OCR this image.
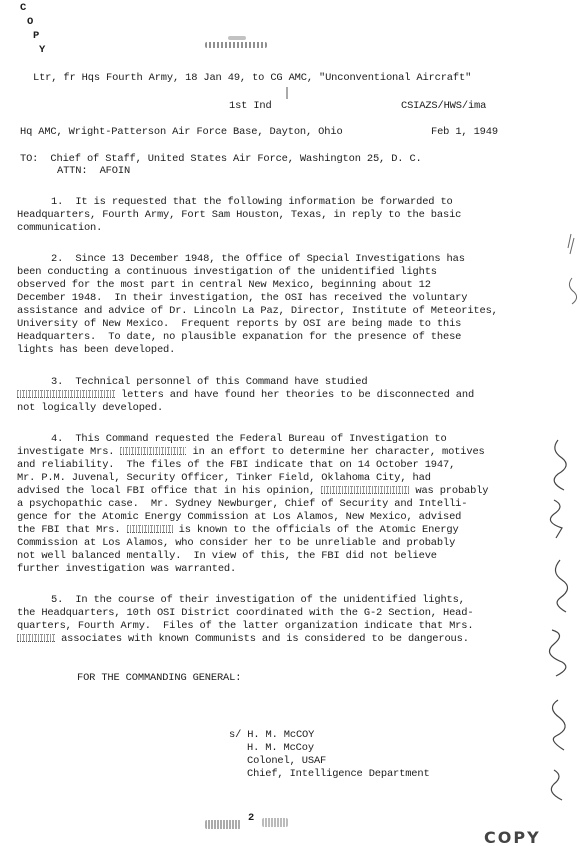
C
O
P
Y
Ltr, fr Hqs Fourth Army, 18 Jan 49, to CG AMC, "Unconventional Aircraft"
1st Ind	CSIAZS/HWS/ima
Hq AMC, Wright-Patterson Air Force Base, Dayton, Ohio	Feb 1, 1949
TO:  Chief of Staff, United States Air Force, Washington 25, D. C.
ATTN:  AFOIN
1.  It is requested that the following information be forwarded to
Headquarters, Fourth Army, Fort Sam Houston, Texas, in reply to the basic
communication.
2.  Since 13 December 1948, the Office of Special Investigations has
been conducting a continuous investigation of the unidentified lights
observed for the most part in central New Mexico, beginning about 12
December 1948.  In their investigation, the OSI has received the voluntary
assistance and advice of Dr. Lincoln La Paz, Director, Institute of Meteorites,
University of New Mexico.  Frequent reports by OSI are being made to this
Headquarters.  To date, no plausible expanation for the presence of these
lights has been developed.
3.  Technical personnel of this Command have studied
letters and have found her theories to be disconnected and
not logically developed.
4.  This Command requested the Federal Bureau of Investigation to
investigate Mrs.	in an effort to determine her character, motives
and reliability.  The files of the FBI indicate that on 14 October 1947,
Mr. P.M. Juvenal, Security Officer, Tinker Field, Oklahoma City, had
advised the local FBI office that in his opinion,	was probably
a psychopathic case.  Mr. Sydney Newburger, Chief of Security and Intelli-
gence for the Atomic Energy Commission at Los Alamos, New Mexico, advised
the FBI that Mrs.	is known to the officials of the Atomic Energy
Commission at Los Alamos, who consider her to be unreliable and probably
not well balanced mentally.  In view of this, the FBI did not believe
further investigation was warranted.
5.  In the course of their investigation of the unidentified lights,
the Headquarters, 10th OSI District coordinated with the G-2 Section, Head-
quarters, Fourth Army.  Files of the latter organization indicate that Mrs.
associates with known Communists and is considered to be dangerous.
FOR THE COMMANDING GENERAL:
s/ H. M. McCOY
H. M. McCoy
Colonel, USAF
Chief, Intelligence Department
2
COPY
